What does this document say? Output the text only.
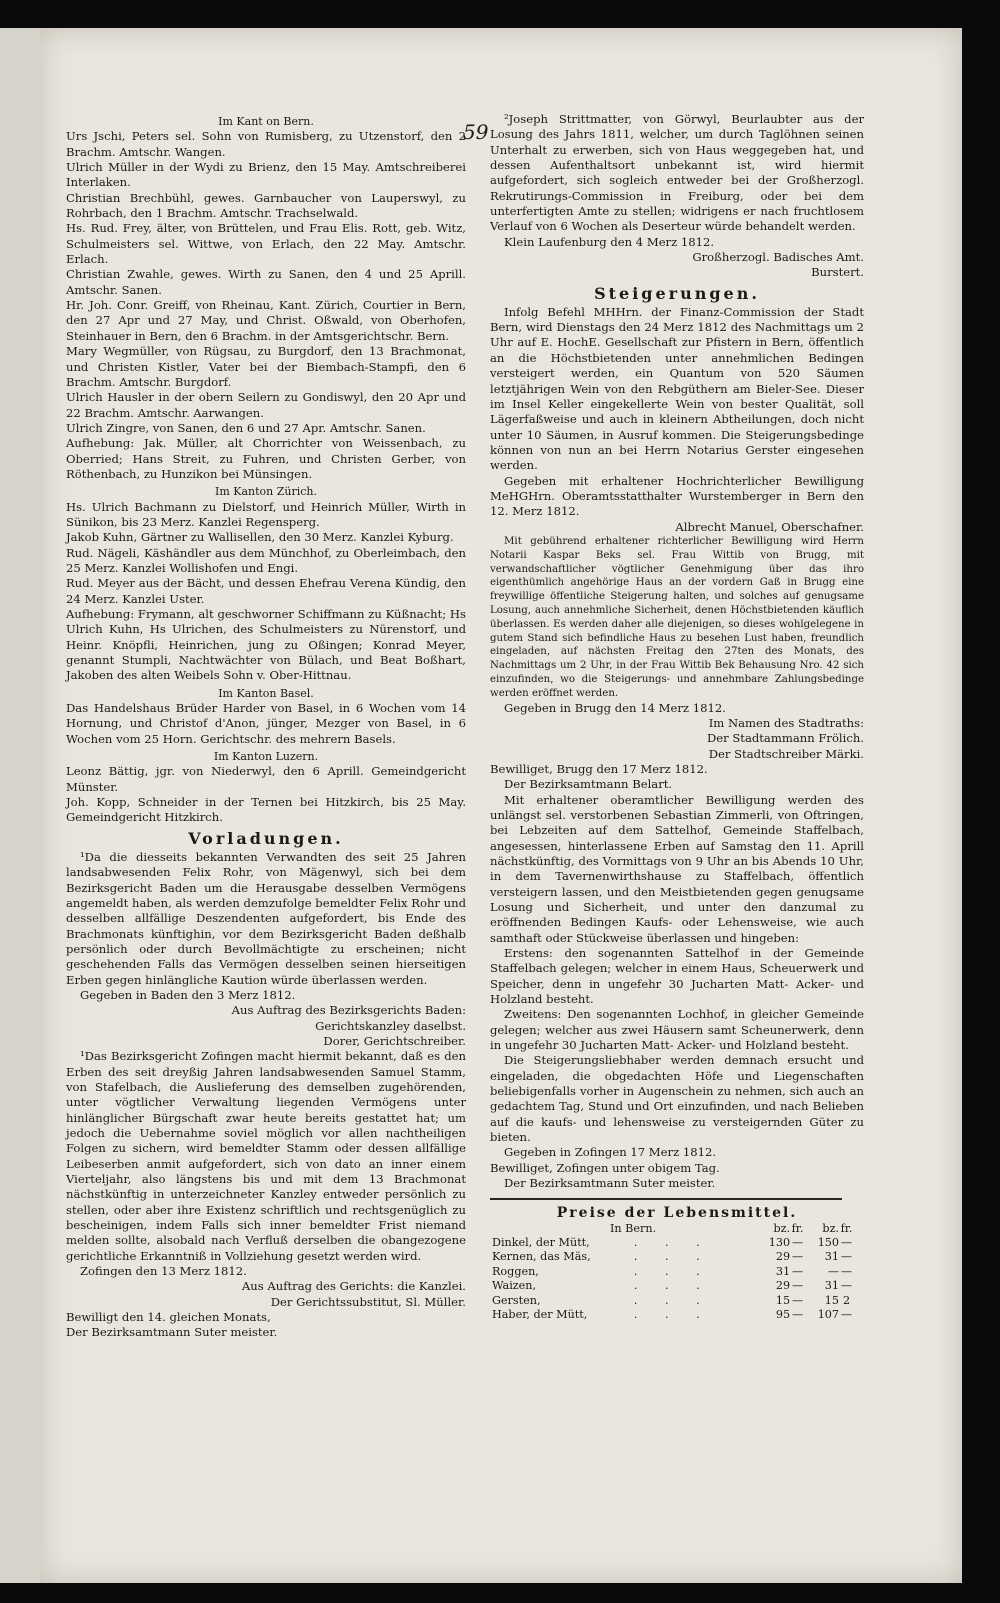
59

Im Kant on Bern.

Urs Jschi, Peters sel. Sohn von Rumisberg, zu Utzenstorf, den 2 Brachm. Amtschr. Wangen.

Ulrich Müller in der Wydi zu Brienz, den 15 May. Amtschreiberei Interlaken.

Christian Brechbühl, gewes. Garnbaucher von Lauperswyl, zu Rohrbach, den 1 Brachm. Amtschr. Trachselwald.

Hs. Rud. Frey, älter, von Brüttelen, und Frau Elis. Rott, geb. Witz, Schulmeisters sel. Wittwe, von Erlach, den 22 May. Amtschr. Erlach.

Christian Zwahle, gewes. Wirth zu Sanen, den 4 und 25 Aprill. Amtschr. Sanen.

Hr. Joh. Conr. Greiff, von Rheinau, Kant. Zürich, Courtier in Bern, den 27 Apr und 27 May, und Christ. Oßwald, von Oberhofen, Steinhauer in Bern, den 6 Brachm. in der Amtsgerichtschr. Bern.

Mary Wegmüller, von Rügsau, zu Burgdorf, den 13 Brachmonat, und Christen Kistler, Vater bei der Biembach-Stampfi, den 6 Brachm. Amtschr. Burgdorf.

Ulrich Hausler in der obern Seilern zu Gondiswyl, den 20 Apr und 22 Brachm. Amtschr. Aarwangen.

Ulrich Zingre, von Sanen, den 6 und 27 Apr. Amtschr. Sanen.

Aufhebung: Jak. Müller, alt Chorrichter von Weissenbach, zu Oberried; Hans Streit, zu Fuhren, und Christen Gerber, von Röthenbach, zu Hunzikon bei Münsingen.

Im Kanton Zürich.

Hs. Ulrich Bachmann zu Dielstorf, und Heinrich Müller, Wirth in Sünikon, bis 23 Merz. Kanzlei Regensperg.

Jakob Kuhn, Gärtner zu Wallisellen, den 30 Merz. Kanzlei Kyburg.

Rud. Nägeli, Käshändler aus dem Münchhof, zu Oberleimbach, den 25 Merz. Kanzlei Wollishofen und Engi.

Rud. Meyer aus der Bächt, und dessen Ehefrau Verena Kündig, den 24 Merz. Kanzlei Uster.

Aufhebung: Frymann, alt geschworner Schiffmann zu Küßnacht; Hs Ulrich Kuhn, Hs Ulrichen, des Schulmeisters zu Nürenstorf, und Heinr. Knöpfli, Heinrichen, jung zu Oßingen; Konrad Meyer, genannt Stumpli, Nachtwächter von Bülach, und Beat Boßhart, Jakoben des alten Weibels Sohn v. Ober-Hittnau.

Im Kanton Basel.

Das Handelshaus Brüder Harder von Basel, in 6 Wochen vom 14 Hornung, und Christof d'Anon, jünger, Mezger von Basel, in 6 Wochen vom 25 Horn. Gerichtschr. des mehrern Basels.

Im Kanton Luzern.

Leonz Bättig, jgr. von Niederwyl, den 6 Aprill. Gemeindgericht Münster.

Joh. Kopp, Schneider in der Ternen bei Hitzkirch, bis 25 May. Gemeindgericht Hitzkirch.

Vorladungen.

¹Da die diesseits bekannten Verwandten des seit 25 Jahren landsabwesenden Felix Rohr, von Mägenwyl, sich bei dem Bezirksgericht Baden um die Herausgabe desselben Vermögens angemeldt haben, als werden demzufolge bemeldter Felix Rohr und desselben allfällige Deszendenten aufgefordert, bis Ende des Brachmonats künftighin, vor dem Bezirksgericht Baden deßhalb persönlich oder durch Bevollmächtigte zu erscheinen; nicht geschehenden Falls das Vermögen desselben seinen hierseitigen Erben gegen hinlängliche Kaution würde überlassen werden.

Gegeben in Baden den 3 Merz 1812.

Aus Auftrag des Bezirksgerichts Baden:

Gerichtskanzley daselbst.

Dorer, Gerichtschreiber.

¹Das Bezirksgericht Zofingen macht hiermit bekannt, daß es den Erben des seit dreyßig Jahren landsabwesenden Samuel Stamm, von Stafelbach, die Auslieferung des demselben zugehörenden, unter vögtlicher Verwaltung liegenden Vermögens unter hinlänglicher Bürgschaft zwar heute bereits gestattet hat; um jedoch die Uebernahme soviel möglich vor allen nachtheiligen Folgen zu sichern, wird bemeldter Stamm oder dessen allfällige Leibeserben anmit aufgefordert, sich von dato an inner einem Vierteljahr, also längstens bis und mit dem 13 Brachmonat nächstkünftig in unterzeichneter Kanzley entweder persönlich zu stellen, oder aber ihre Existenz schriftlich und rechtsgenüglich zu bescheinigen, indem Falls sich inner bemeldter Frist niemand melden sollte, alsobald nach Verfluß derselben die obangezogene gerichtliche Erkanntniß in Vollziehung gesetzt werden wird.

Zofingen den 13 Merz 1812.

Aus Auftrag des Gerichts: die Kanzlei.

Der Gerichtssubstitut, Sl. Müller.

Bewilligt den 14. gleichen Monats,

Der Bezirksamtmann Suter meister.

²Joseph Strittmatter, von Görwyl, Beurlaubter aus der Losung des Jahrs 1811, welcher, um durch Taglöhnen seinen Unterhalt zu erwerben, sich von Haus weggegeben hat, und dessen Aufenthaltsort unbekannt ist, wird hiermit aufgefordert, sich sogleich entweder bei der Großherzogl. Rekrutirungs-Commission in Freiburg, oder bei dem unterfertigten Amte zu stellen; widrigens er nach fruchtlosem Verlauf von 6 Wochen als Deserteur würde behandelt werden.

Klein Laufenburg den 4 Merz 1812.

Großherzogl. Badisches Amt.

Burstert.

Steigerungen.

Infolg Befehl MHHrn. der Finanz-Commission der Stadt Bern, wird Dienstags den 24 Merz 1812 des Nachmittags um 2 Uhr auf E. HochE. Gesellschaft zur Pfistern in Bern, öffentlich an die Höchstbietenden unter annehmlichen Bedingen versteigert werden, ein Quantum von 520 Säumen letztjährigen Wein von den Rebgüthern am Bieler-See. Dieser im Insel Keller eingekellerte Wein von bester Qualität, soll Lägerfaßweise und auch in kleinern Abtheilungen, doch nicht unter 10 Säumen, in Ausruf kommen. Die Steigerungsbedinge können von nun an bei Herrn Notarius Gerster eingesehen werden.

Gegeben mit erhaltener Hochrichterlicher Bewilligung MeHGHrn. Oberamtsstatthalter Wurstemberger in Bern den 12. Merz 1812.

Albrecht Manuel, Oberschafner.

Mit gebührend erhaltener richterlicher Bewilligung wird Herrn Notarii Kaspar Beks sel. Frau Wittib von Brugg, mit verwandschaftlicher vögtlicher Genehmigung über das ihro eigenthümlich angehörige Haus an der vordern Gaß in Brugg eine freywillige öffentliche Steigerung halten, und solches auf genugsame Losung, auch annehmliche Sicherheit, denen Höchstbietenden käuflich überlassen. Es werden daher alle diejenigen, so dieses wohlgelegene in gutem Stand sich befindliche Haus zu besehen Lust haben, freundlich eingeladen, auf nächsten Freitag den 27ten des Monats, des Nachmittags um 2 Uhr, in der Frau Wittib Bek Behausung Nro. 42 sich einzufinden, wo die Steigerungs- und annehmbare Zahlungsbedinge werden eröffnet werden.

Gegeben in Brugg den 14 Merz 1812.

Im Namen des Stadtraths:

Der Stadtammann Frölich.

Der Stadtschreiber Märki.

Bewilliget, Brugg den 17 Merz 1812.

Der Bezirksamtmann Belart.

Mit erhaltener oberamtlicher Bewilligung werden des unlängst sel. verstorbenen Sebastian Zimmerli, von Oftringen, bei Lebzeiten auf dem Sattelhof, Gemeinde Staffelbach, angesessen, hinterlassene Erben auf Samstag den 11. Aprill nächstkünftig, des Vormittags von 9 Uhr an bis Abends 10 Uhr, in dem Tavernenwirthshause zu Staffelbach, öffentlich versteigern lassen, und den Meistbietenden gegen genugsame Losung und Sicherheit, und unter den danzumal zu eröffnenden Bedingen Kaufs- oder Lehensweise, wie auch samthaft oder Stückweise überlassen und hingeben:

Erstens: den sogenannten Sattelhof in der Gemeinde Staffelbach gelegen; welcher in einem Haus, Scheuerwerk und Speicher, denn in ungefehr 30 Jucharten Matt- Acker- und Holzland besteht.

Zweitens: Den sogenannten Lochhof, in gleicher Gemeinde gelegen; welcher aus zwei Häusern samt Scheunerwerk, denn in ungefehr 30 Jucharten Matt- Acker- und Holzland besteht.

Die Steigerungsliebhaber werden demnach ersucht und eingeladen, die obgedachten Höfe und Liegenschaften beliebigenfalls vorher in Augenschein zu nehmen, sich auch an gedachtem Tag, Stund und Ort einzufinden, und nach Belieben auf die kaufs- und lehensweise zu versteigernden Güter zu bieten.

Gegeben in Zofingen 17 Merz 1812.

Bewilliget, Zofingen unter obigem Tag.

Der Bezirksamtmann Suter meister.

Preise der Lebensmittel.
In Bern.		bz.	fr.	bz.	fr.
Dinkel, der Mütt,	. . .	130	—	150	—
Kernen, das Mäs,	. . .	29	—	31	—
Roggen,	. . .	31	—	—	—
Waizen,	. . .	29	—	31	—
Gersten,	. . .	15	—	15	2
Haber, der Mütt,	. . .	95	—	107	—
